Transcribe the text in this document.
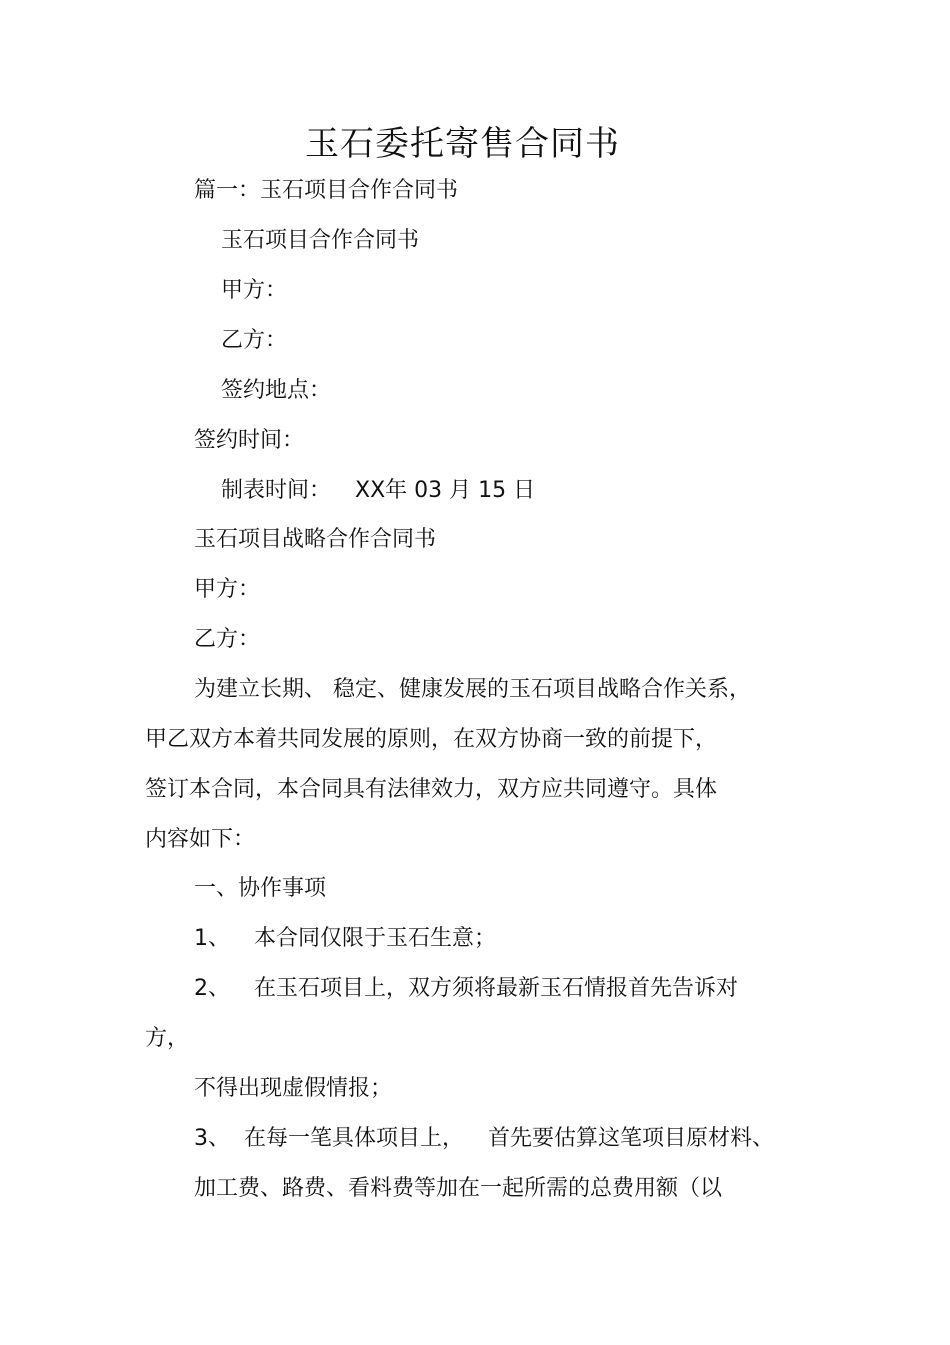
玉石委托寄售合同书
篇一：玉石项目合作合同书
玉石项目合作合同书
甲方：
乙方：
签约地点：
签约时间：
制表时间： XX年 03 月 15 日
玉石项目战略合作合同书
甲方：
乙方：
为建立长期、 稳定、健康发展的玉石项目战略合作关系，
甲乙双方本着共同发展的原则，在双方协商一致的前提下，
签订本合同，本合同具有法律效力，双方应共同遵守。具体
内容如下：
一、协作事项
1、 本合同仅限于玉石生意；
2、 在玉石项目上，双方须将最新玉石情报首先告诉对
方，
不得出现虚假情报；
3、 在每一笔具体项目上， 首先要估算这笔项目原材料、
加工费、路费、看料费等加在一起所需的总费用额（以
